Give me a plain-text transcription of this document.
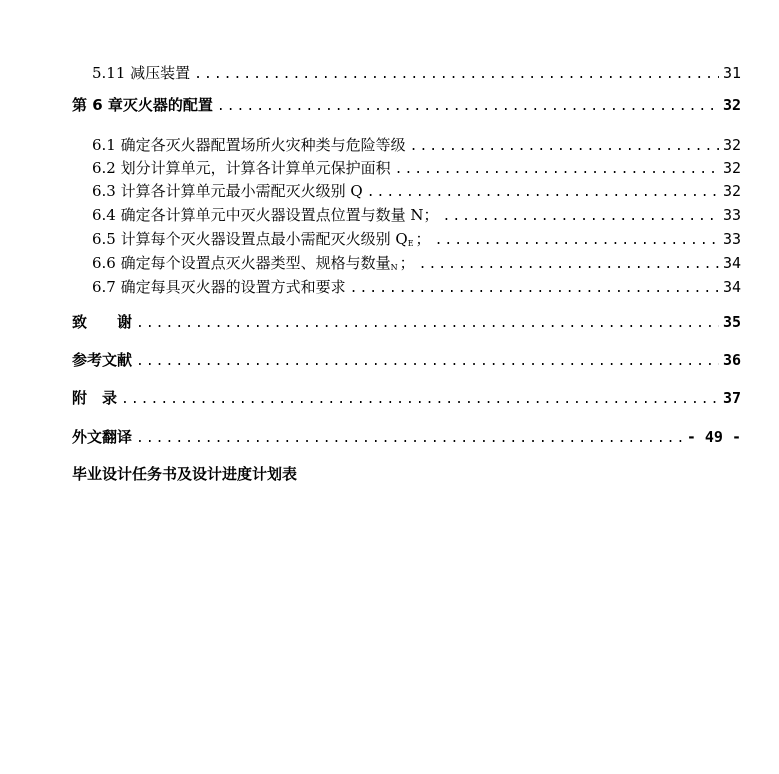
5.11 减压装置 .....	31
第 6 章灭火器的配置 .....	32
6.1 确定各灭火器配置场所火灾种类与危险等级 .....	32
6.2 划分计算单元，计算各计算单元保护面积 .....	32
6.3 计算各计算单元最小需配灭火级别 Q .....	32
6.4 确定各计算单元中灭火器设置点位置与数量 N； .....	33
6.5 计算每个灭火器设置点最小需配灭火级别 QE ； .....	33
6.6 确定每个设置点灭火器类型、规格与数量N ； .....	34
6.7 确定每具灭火器的设置方式和要求 .....	34
致　　谢 .....	35
参考文献 .....	36
附　录 .....	37
外文翻译 .....	- 49 -
毕业设计任务书及设计进度计划表
